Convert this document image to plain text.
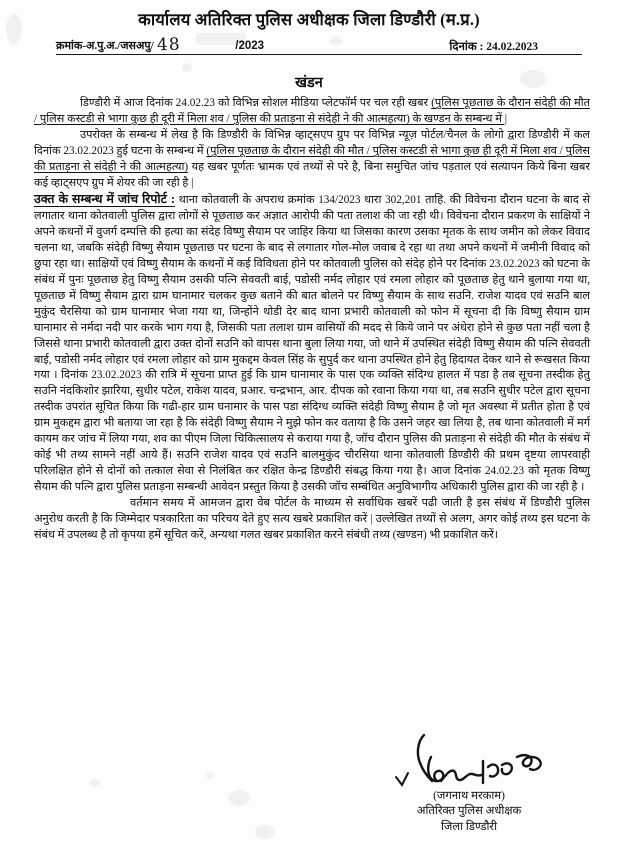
कार्यालय अतिरिक्त पुलिस अधीक्षक जिला डिण्डौरी (म.प्र.)
क्रमांक-अ.पु.अ./जसअपु/ 48	/2023	दिनांक : 24.02.2023
खंडन

डिण्डौरी में आज दिनांक 24.02.23 को विभिन्न सोशल मीडिया प्लेटफॉर्म पर चल रही खबर (पुलिस पूछताछ के दौरान संदेही की मौत / पुलिस कस्टडी से भागा कुछ ही दूरी में मिला शव / पुलिस की प्रताड़ना से संदेही ने की आत्महत्या) के खण्डन के सम्बन्ध में |

उपरोक्त के सम्बन्ध में लेख है कि डिण्डौरी के विभिन्न व्हाट्सएप ग्रुप पर विभिन्न न्यूज़ पोर्टल/चैनल के लोगो द्वारा डिण्डौरी में कल दिनांक 23.02.2023 हुई घटना के सम्बन्ध में (पुलिस पूछताछ के दौरान संदेही की मौत / पुलिस कस्टडी से भागा कुछ ही दूरी में मिला शव / पुलिस की प्रताड़ना से संदेही ने की आत्महत्या) यह खबर पूर्णतः भ्रामक एवं तथ्यों से परे है, बिना समुचित जांच पड़ताल एवं सत्यापन किये बिना खबर कई व्हाट्सएप ग्रुप में शेयर की जा रही है |

उक्त के सम्बन्ध में जांच रिपोर्ट : थाना कोतवाली के अपराध क्रमांक 134/2023 धारा 302,201 ताहि. की विवेचना दौरान घटना के बाद से लगातार थाना कोतवाली पुलिस द्वारा लोगों से पूछताछ कर अज्ञात आरोपी की पता तलाश की जा रही थी। विवेचना दौरान प्रकरण के साक्षियों ने अपने कथनों में वुजर्ग दम्पत्ति की हत्या का संदेह विष्णु सैयाम पर जाहिर किया था जिसका कारण उसका मृतक के साथ जमीन को लेकर विवाद चलना था, जबकि संदेही विष्णु सैयाम पूछताछ पर घटना के बाद से लगातार गोल-मोल जवाब दे रहा था तथा अपने कथनों में जमीनी विवाद को छुपा रहा था। साक्षियों एवं विष्णु सैयाम के कथनों में कई विविधता होने पर कोतवाली पुलिस को संदेह होने पर दिनांक 23.02.2023 को घटना के संबंध में पुनः पूछताछ हेतु विष्णु सैयाम उसकी पत्नि सेववती बाई, पडोसी नर्मद लोहार एवं रमला लोहार को पूछताछ हेतु थाने बुलाया गया था, पूछताछ में विष्णु सैयाम द्वारा ग्राम घानामार चलकर कुछ बताने की बात बोलने पर विष्णु सैयाम के साथ सउनि. राजेश यादव एवं सउनि बाल मुकुंद चैरसिया को ग्राम घानामार भेजा गया था, जिन्होंने थोडी देर बाद थाना प्रभारी कोतवाली को फोन में सूचना दी कि विष्णु सैयाम ग्राम घानामार से नर्मदा नदी पार करके भाग गया है, जिसकी पता तलाश ग्राम वासियों की मदद से किये जाने पर अंधेरा होने से कुछ पता नहीं चला है जिससे थाना प्रभारी कोतवाली द्वारा उक्त दोनों सउनि को वापस थाना बुला लिया गया, जो थाने में उपस्थित संदेही विष्णु सैयाम की पत्नि सेववती बाई, पडोसी नर्मद लोहार एवं रमला लोहार को ग्राम मुकद्दम केवल सिंह के सुपुर्द कर थाना उपस्थित होने हेतु हिदायत देकर थाने से रूखसत किया गया । दिनांक 23.02.2023 की रात्रि में सूचना प्राप्त हुई कि ग्राम घानामार के पास एक व्यक्ति संदिग्ध हालत में पडा है तब सूचना तस्दीक हेतु सउनि नंदकिशोर झारिया, सुधीर पटेल, राकेश यादव, प्रआर. चन्द्रभान, आर. दीपक को रवाना किया गया था, तब सउनि सुधीर पटेल द्वारा सूचना तस्दीक उपरांत सूचित किया कि गढी-हार ग्राम घनामार के पास पडा संदिग्ध व्यक्ति संदेही विष्णु सैयाम है जो मृत अवस्था में प्रतीत होता है एवं ग्राम मुकद्दम द्वारा भी बताया जा रहा है कि संदेही विष्णु सैयाम ने मुझे फोन कर वताया है कि उसने जहर खा लिया है, तब थाना कोतवाली में मर्ग कायम कर जांच में लिया गया, शव का पीएम जिला चिकित्सालय से कराया गया है, जॉच दौरान पुलिस की प्रताड़ना से संदेही की मौत के संबंध में कोई भी तथ्य सामने नहीं आये हैं। सउनि राजेश यादव एवं सउनि बालमुकुंद चौरसिया थाना कोतवाली डिण्डौरी की प्रथम दृष्टया लापरवाही परिलक्षित होने से दोनों को तत्काल सेवा से निलंबित कर रक्षित केन्द्र डिण्डौरी संबद्ध किया गया है। आज दिनांक 24.02.23 को मृतक विष्णु सैयाम की पत्नि द्वारा पुलिस प्रताड़ना सम्बन्धी आवेदन प्रस्तुत किया है उसकी जॉच सम्बंधित अनुविभागीय अधिकारी पुलिस द्वारा की जा रही है ।

वर्तमान समय में आमजन द्वारा वेब पोर्टल के माध्यम से सर्वाधिक खबरें पढी जाती है इस संबंध में डिण्डौरी पुलिस अनुरोध करती है कि जिम्मेदार पत्रकारिता का परिचय देते हुए सत्य खबरे प्रकाशित करें | उल्लेखित तथ्यों से अलग, अगर कोई तथ्य इस घटना के संबंध में उपलब्ध है तो कृपया हमें सूचित करें, अन्यथा गलत खबर प्रकाशित करने संबंधी तथ्य (खण्डन) भी प्रकाशित करें।

(जगनाथ मरकाम)
अतिरिक्त पुलिस अधीक्षक
जिला डिण्डौरी
